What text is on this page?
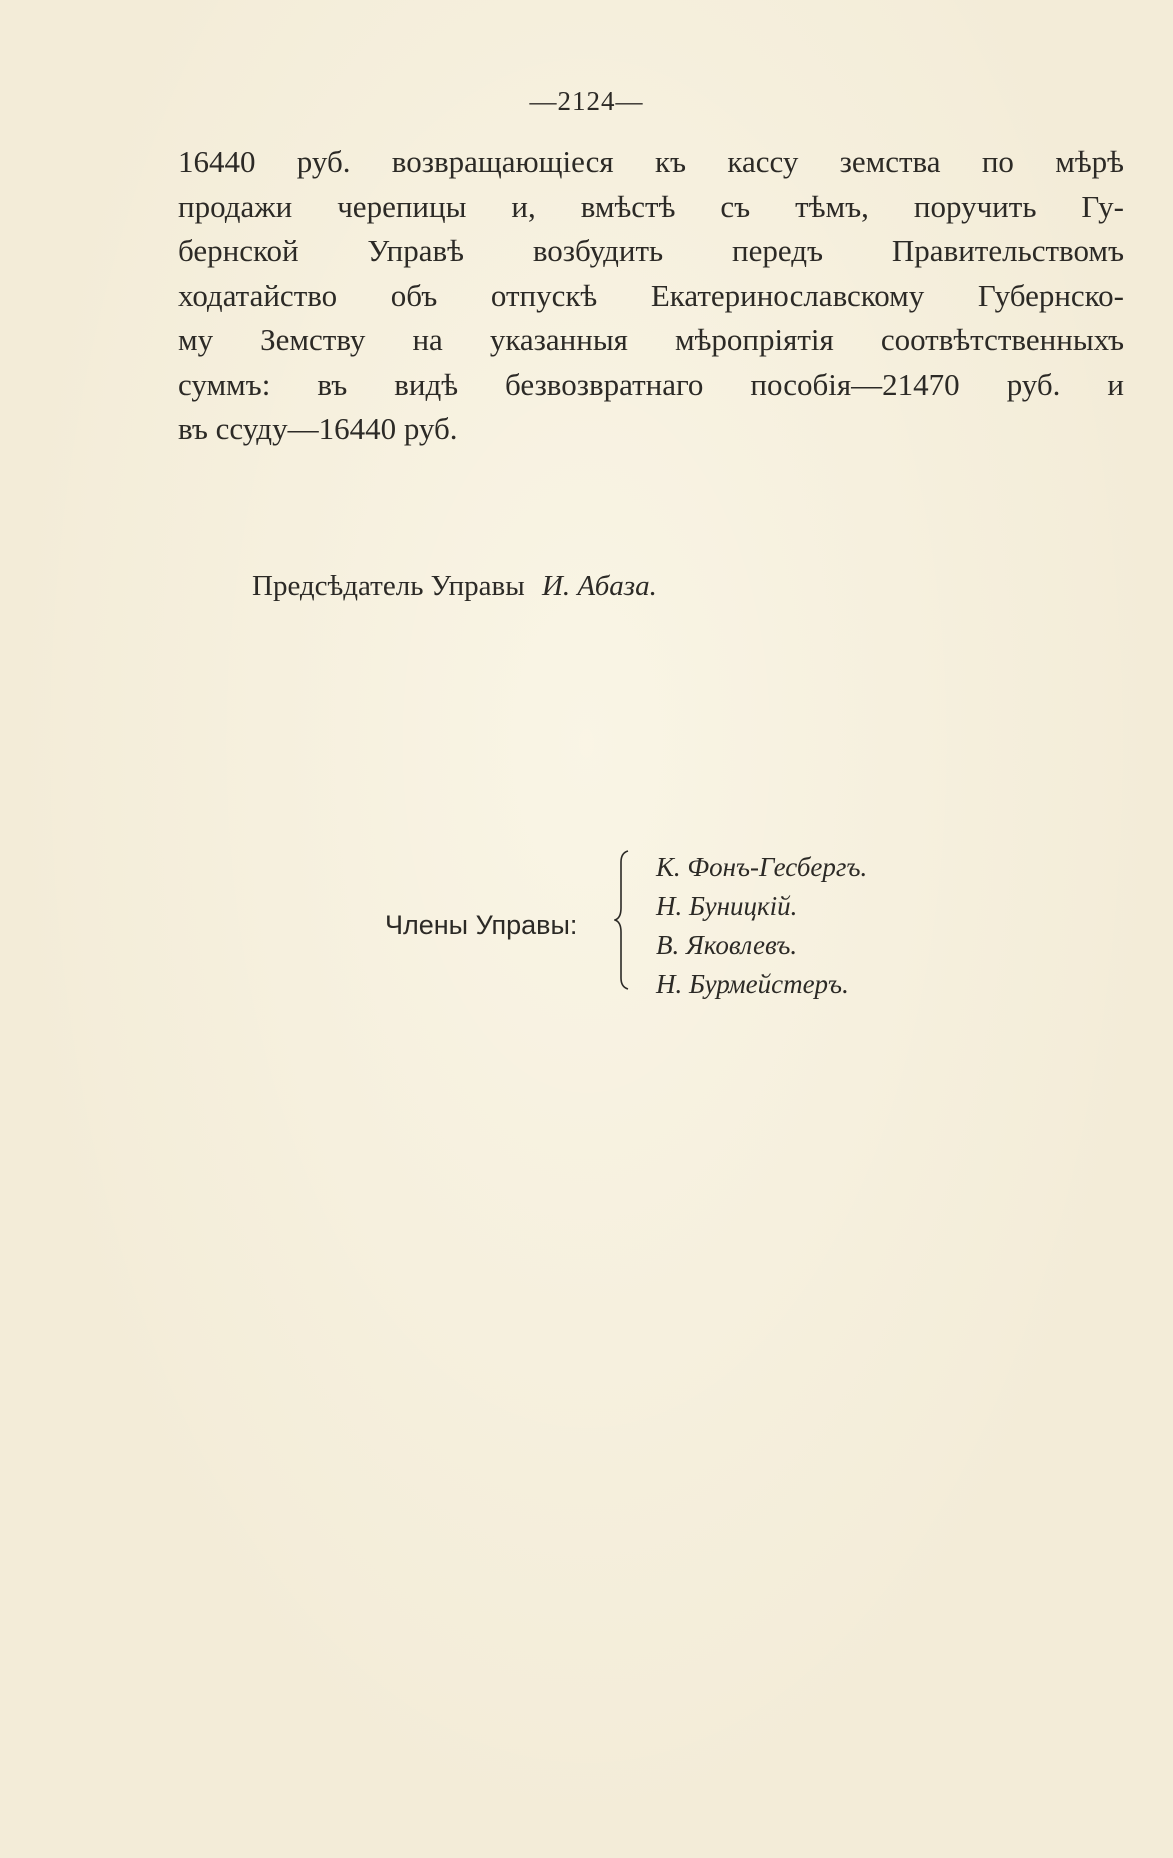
—2124—
16440 руб. возвращающіеся къ кассу земства по мѣрѣ
продажи черепицы и, вмѣстѣ съ тѣмъ, поручить Гу-
бернской Управѣ возбудить передъ Правительствомъ
ходатайство объ отпускѣ Екатеринославскому Губернско-
му Земству на указанныя мѣропріятія соотвѣтственныхъ
суммъ: въ видѣ безвозвратнаго пособія—21470 руб. и
въ ссуду—16440 руб.
Предсѣдатель Управы И. Абаза.
Члены Управы:
К. Фонъ-Гесбергъ.
Н. Буницкій.
В. Яковлевъ.
Н. Бурмейстеръ.
